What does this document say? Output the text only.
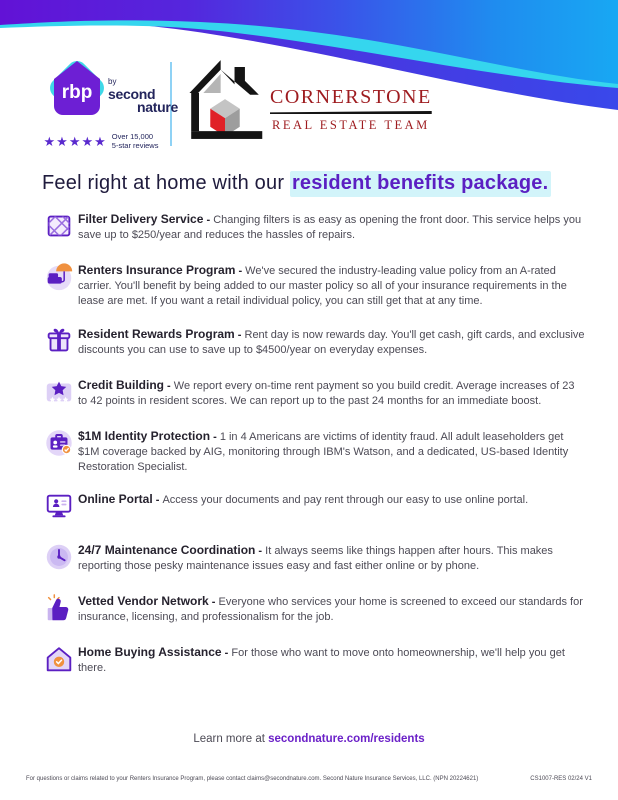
rbp
by
second
nature
★★★★★ Over 15,000
5-star reviews
CORNERSTONE
REAL ESTATE TEAM
Feel right at home with our resident benefits package.

Filter Delivery Service - Changing filters is as easy as opening the front door. This service helps you save up to $250/year and reduces the hassles of repairs.

Renters Insurance Program - We've secured the industry-leading value policy from an A-rated carrier. You'll benefit by being added to our master policy so all of your insurance requirements in the lease are met. If you want a retail individual policy, you can still get that at any time.

Resident Rewards Program - Rent day is now rewards day. You'll get cash, gift cards, and exclusive discounts you can use to save up to $4500/year on everyday expenses.

Credit Building - We report every on-time rent payment so you build credit. Average increases of 23 to 42 points in resident scores. We can report up to the past 24 months for an immediate boost.

$1M Identity Protection - 1 in 4 Americans are victims of identity fraud. All adult leaseholders get $1M coverage backed by AIG, monitoring through IBM's Watson, and a dedicated, US-based Identity Restoration Specialist.

Online Portal - Access your documents and pay rent through our easy to use online portal.

24/7 Maintenance Coordination - It always seems like things happen after hours. This makes reporting those pesky maintenance issues easy and fast either online or by phone.

Vetted Vendor Network - Everyone who services your home is screened to exceed our standards for insurance, licensing, and professionalism for the job.

Home Buying Assistance - For those who want to move onto homeownership, we'll help you get there.

Learn more at secondnature.com/residents
For questions or claims related to your Renters Insurance Program, please contact claims@secondnature.com. Second Nature Insurance Services, LLC. (NPN 20224621)	CS1007-RES 02/24 V1
